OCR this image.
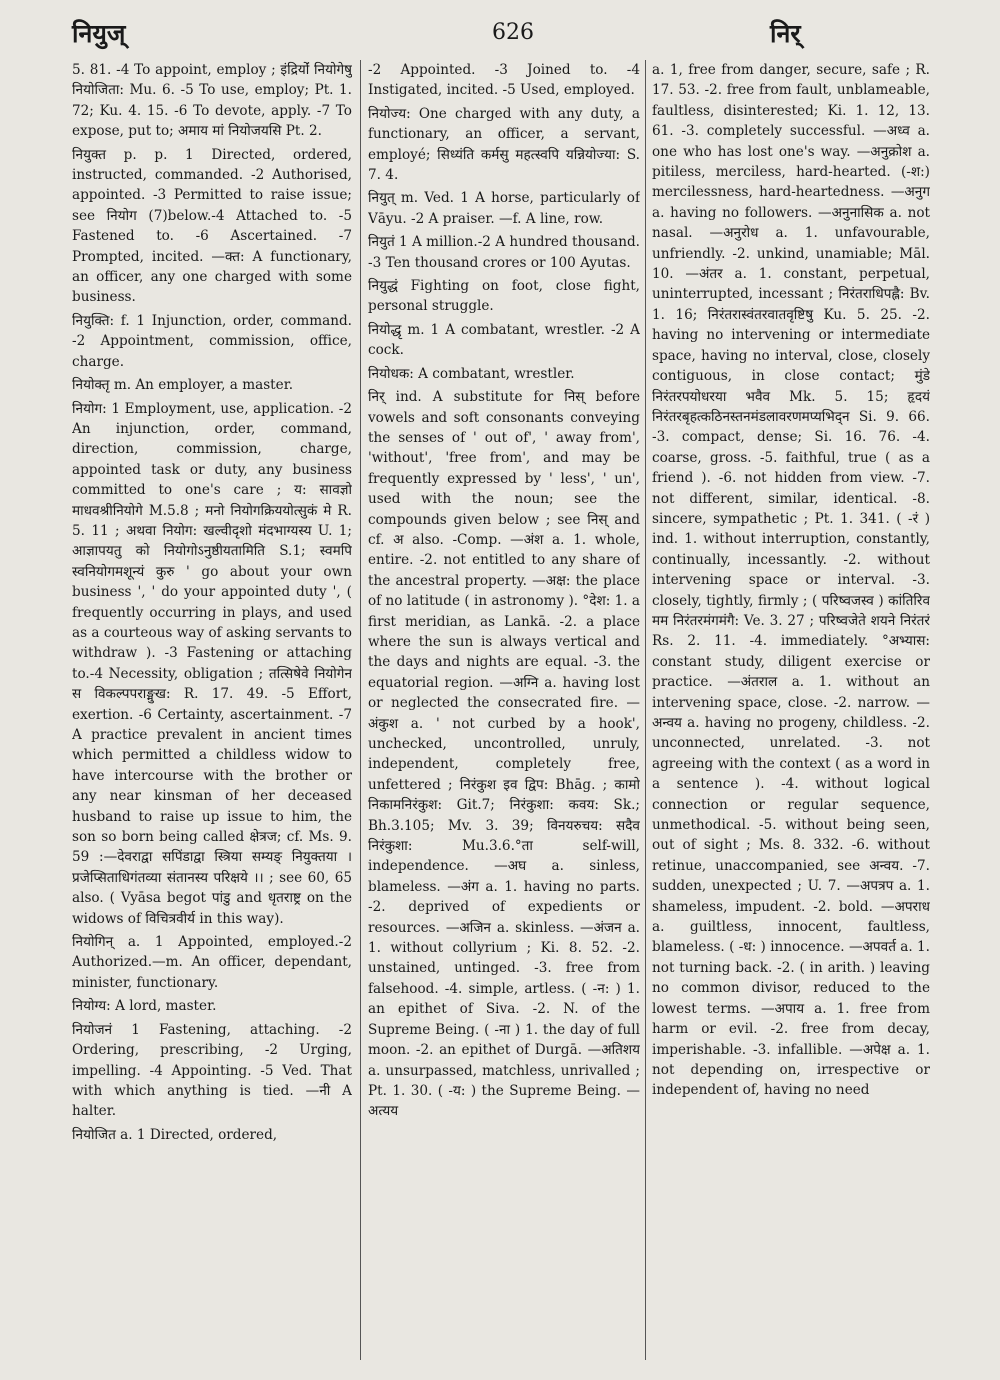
नियुज्	626	निर्

5. 81. -4 To appoint, employ ; इंद्रियोंं नियोगेषु नियोजिता: Mu. 6. -5 To use, employ; Pt. 1. 72; Ku. 4. 15. -6 To devote, apply. -7 To expose, put to; अमाय मां नियोजयसि Pt. 2.

नियुक्त p. p. 1 Directed, ordered, instructed, commanded. -2 Authorised, appointed. -3 Permitted to raise issue; see नियोग (7)below.-4 Attached to. -5 Fastened to. -6 Ascertained. -7 Prompted, incited. —क्त: A functionary, an officer, any one charged with some business.

नियुक्ति: f. 1 Injunction, order, command. -2 Appointment, commission, office, charge.

नियोक्तृ m. An employer, a master.

नियोग: 1 Employment, use, application. -2 An injunction, order, command, direction, commission, charge, appointed task or duty, any business committed to one's care ; य: सावज्ञो माधवश्रीनियोगे M.5.8 ; मनो नियोगक्रिययोत्सुकं मे R. 5. 11 ; अथवा नियोग: खल्वीदृशो मंदभाग्यस्य U. 1; आज्ञापयतु को नियोगोऽनुष्ठीयतामिति S.1; स्वमपि स्वनियोगमशून्यं कुरु ' go about your own business ', ' do your appointed duty ', ( frequently occurring in plays, and used as a courteous way of asking servants to withdraw ). -3 Fastening or attaching to.-4 Necessity, obligation ; तत्सिषेवे नियोगेन स विकल्पपराङ्मुख: R. 17. 49. -5 Effort, exertion. -6 Certainty, ascertainment. -7 A practice prevalent in ancient times which permitted a childless widow to have intercourse with the brother or any near kinsman of her deceased husband to raise up issue to him, the son so born being called क्षेत्रज; cf. Ms. 9. 59 :—देवराद्वा सपिंडाद्वा स्त्रिया सम्यङ् नियुक्तया । प्रजेप्सिताधिगंतव्या संतानस्य परिक्षये ।। ; see 60, 65 also. ( Vyāsa begot पांडु and धृतराष्ट्र on the widows of विचित्रवीर्य in this way).

नियोगिन् a. 1 Appointed, employed.-2 Authorized.—m. An officer, dependant, minister, functionary.

नियोग्य: A lord, master.

नियोजनं 1 Fastening, attaching. -2 Ordering, prescribing, -2 Urging, impelling. -4 Appointing. -5 Ved. That with which anything is tied. —नी A halter.

नियोजित a. 1 Directed, ordered,

-2 Appointed. -3 Joined to. -4 Instigated, incited. -5 Used, employed.

नियोज्य: One charged with any duty, a functionary, an officer, a servant, employé; सिध्यंति कर्मसु महत्स्वपि यन्नियोज्या: S. 7. 4.

नियुत् m. Ved. 1 A horse, particularly of Vāyu. -2 A praiser. —f. A line, row.

नियुतं 1 A million.-2 A hundred thousand. -3 Ten thousand crores or 100 Ayutas.

नियुद्धं Fighting on foot, close fight, personal struggle.

नियोद्धृ m. 1 A combatant, wrestler. -2 A cock.

नियोधक: A combatant, wrestler.

निर् ind. A substitute for निस् before vowels and soft consonants conveying the senses of ' out of', ' away from', 'without', 'free from', and may be frequently expressed by ' less', ' un', used with the noun; see the compounds given below ; see निस् and cf. अ also. -Comp. —अंश a. 1. whole, entire. -2. not entitled to any share of the ancestral property. —अक्ष: the place of no latitude ( in astronomy ). °देश: 1. a first meridian, as Lankā. -2. a place where the sun is always vertical and the days and nights are equal. -3. the equatorial region. —अग्नि a. having lost or neglected the consecrated fire. —अंकुश a. ' not curbed by a hook', unchecked, uncontrolled, unruly, independent, completely free, unfettered ; निरंकुश इव द्विप: Bhāg. ; कामो निकामनिरंकुश: Git.7; निरंकुशा: कवय: Sk.; Bh.3.105; Mv. 3. 39; विनयरुचय: सदैव निरंकुशा: Mu.3.6.°ता self-will, independence. —अघ a. sinless, blameless. —अंग a. 1. having no parts. -2. deprived of expedients or resources. —अजिन a. skinless. —अंजन a. 1. without collyrium ; Ki. 8. 52. -2. unstained, untinged. -3. free from falsehood. -4. simple, artless. ( -न: ) 1. an epithet of Siva. -2. N. of the Supreme Being. ( -ना ) 1. the day of full moon. -2. an epithet of Durgā. —अतिशय a. unsurpassed, matchless, unrivalled ; Pt. 1. 30. ( -य: ) the Supreme Being. —अत्यय

a. 1, free from danger, secure, safe ; R. 17. 53. -2. free from fault, unblameable, faultless, disinterested; Ki. 1. 12, 13. 61. -3. completely successful. —अध्व a. one who has lost one's way. —अनुक्रोश a. pitiless, merciless, hard-hearted. (-श:) mercilessness, hard-heartedness. —अनुग a. having no followers. —अनुनासिक a. not nasal. —अनुरोध a. 1. unfavourable, unfriendly. -2. unkind, unamiable; Māl. 10. —अंतर a. 1. constant, perpetual, uninterrupted, incessant ; निरंतराधिपह्लै: Bv. 1. 16; निरंतरास्वंतरवातवृष्टिषु Ku. 5. 25. -2. having no intervening or intermediate space, having no interval, close, closely contiguous, in close contact; मुंडे निरंतरपयोधरया भवैव Mk. 5. 15; हृदयं निरंतरबृहत्कठिनस्तनमंडलावरणमप्यभिद्न Si. 9. 66. -3. compact, dense; Si. 16. 76. -4. coarse, gross. -5. faithful, true ( as a friend ). -6. not hidden from view. -7. not different, similar, identical. -8. sincere, sympathetic ; Pt. 1. 341. ( -रं ) ind. 1. without interruption, constantly, continually, incessantly. -2. without intervening space or interval. -3. closely, tightly, firmly ; ( परिष्वजस्व ) कांतिरिव मम निरंतरमंगमंगै: Ve. 3. 27 ; परिष्वजेते शयने निरंतरं Rs. 2. 11. -4. immediately. °अभ्यास: constant study, diligent exercise or practice. —अंतराल a. 1. without an intervening space, close. -2. narrow. —अन्वय a. having no progeny, childless. -2. unconnected, unrelated. -3. not agreeing with the context ( as a word in a sentence ). -4. without logical connection or regular sequence, unmethodical. -5. without being seen, out of sight ; Ms. 8. 332. -6. without retinue, unaccompanied, see अन्वय. -7. sudden, unexpected ; U. 7. —अपत्रप a. 1. shameless, impudent. -2. bold. —अपराध a. guiltless, innocent, faultless, blameless. ( -ध: ) innocence. —अपवर्त a. 1. not turning back. -2. ( in arith. ) leaving no common divisor, reduced to the lowest terms. —अपाय a. 1. free from harm or evil. -2. free from decay, imperishable. -3. infallible. —अपेक्ष a. 1. not depending on, irrespective or independent of, having no need
